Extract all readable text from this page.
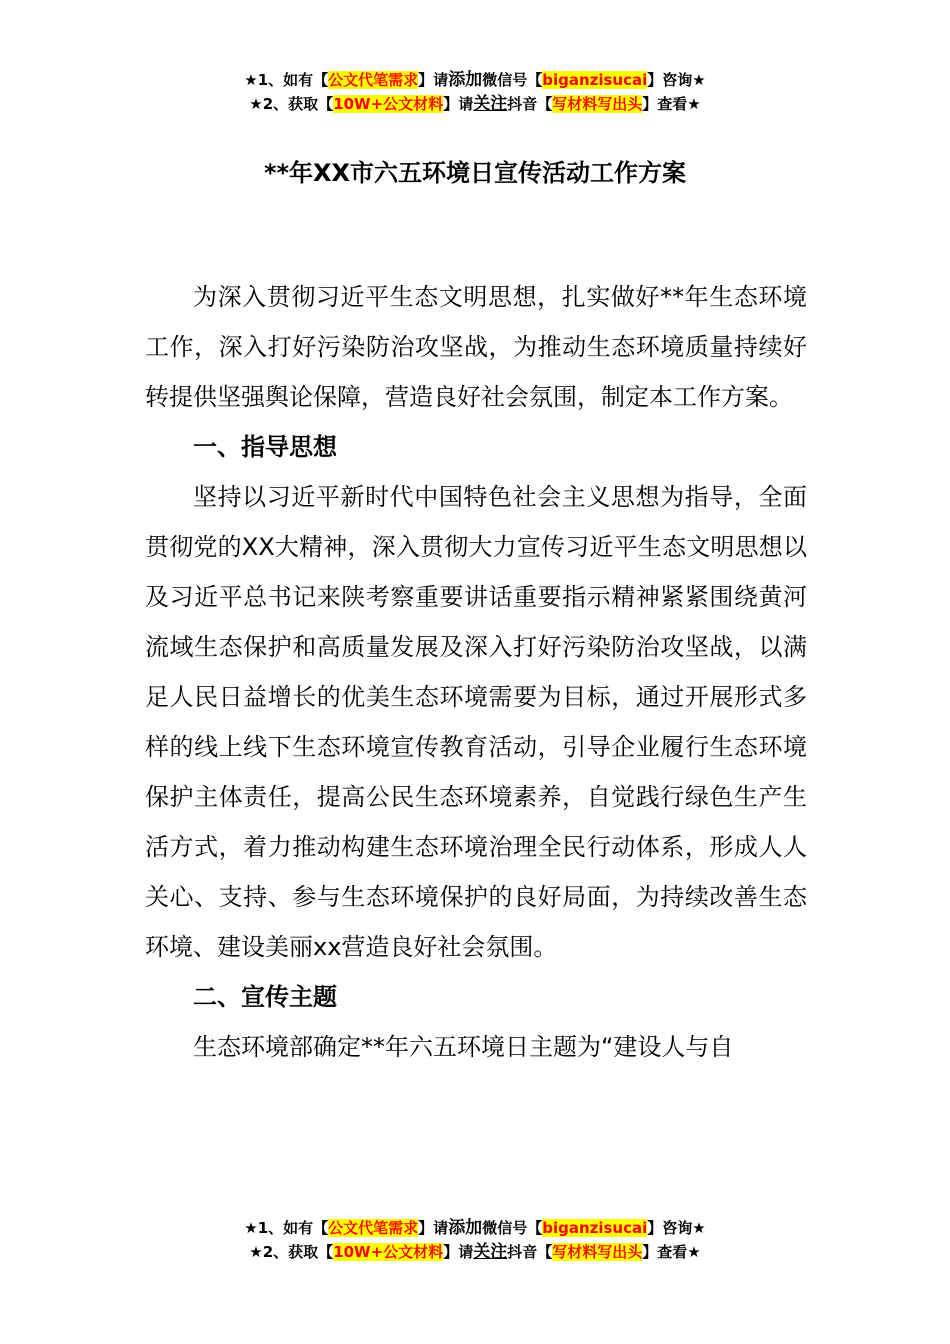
★1、如有【公文代笔需求】请添加微信号【biganzisucai】咨询★
★2、获取【10W+公文材料】请关注抖音【写材料写出头】查看★
**年XX市六五环境日宣传活动工作方案

为深入贯彻习近平生态文明思想，扎实做好**年生态环境工作，深入打好污染防治攻坚战，为推动生态环境质量持续好转提供坚强舆论保障，营造良好社会氛围，制定本工作方案。

一、指导思想

坚持以习近平新时代中国特色社会主义思想为指导，全面贯彻党的XX大精神，深入贯彻大力宣传习近平生态文明思想以及习近平总书记来陕考察重要讲话重要指示精神紧紧围绕黄河流域生态保护和高质量发展及深入打好污染防治攻坚战，以满足人民日益增长的优美生态环境需要为目标，通过开展形式多样的线上线下生态环境宣传教育活动，引导企业履行生态环境保护主体责任，提高公民生态环境素养，自觉践行绿色生产生活方式，着力推动构建生态环境治理全民行动体系，形成人人关心、支持、参与生态环境保护的良好局面，为持续改善生态环境、建设美丽xx营造良好社会氛围。

二、宣传主题

生态环境部确定**年六五环境日主题为“建设人与自

★1、如有【公文代笔需求】请添加微信号【biganzisucai】咨询★
★2、获取【10W+公文材料】请关注抖音【写材料写出头】查看★
